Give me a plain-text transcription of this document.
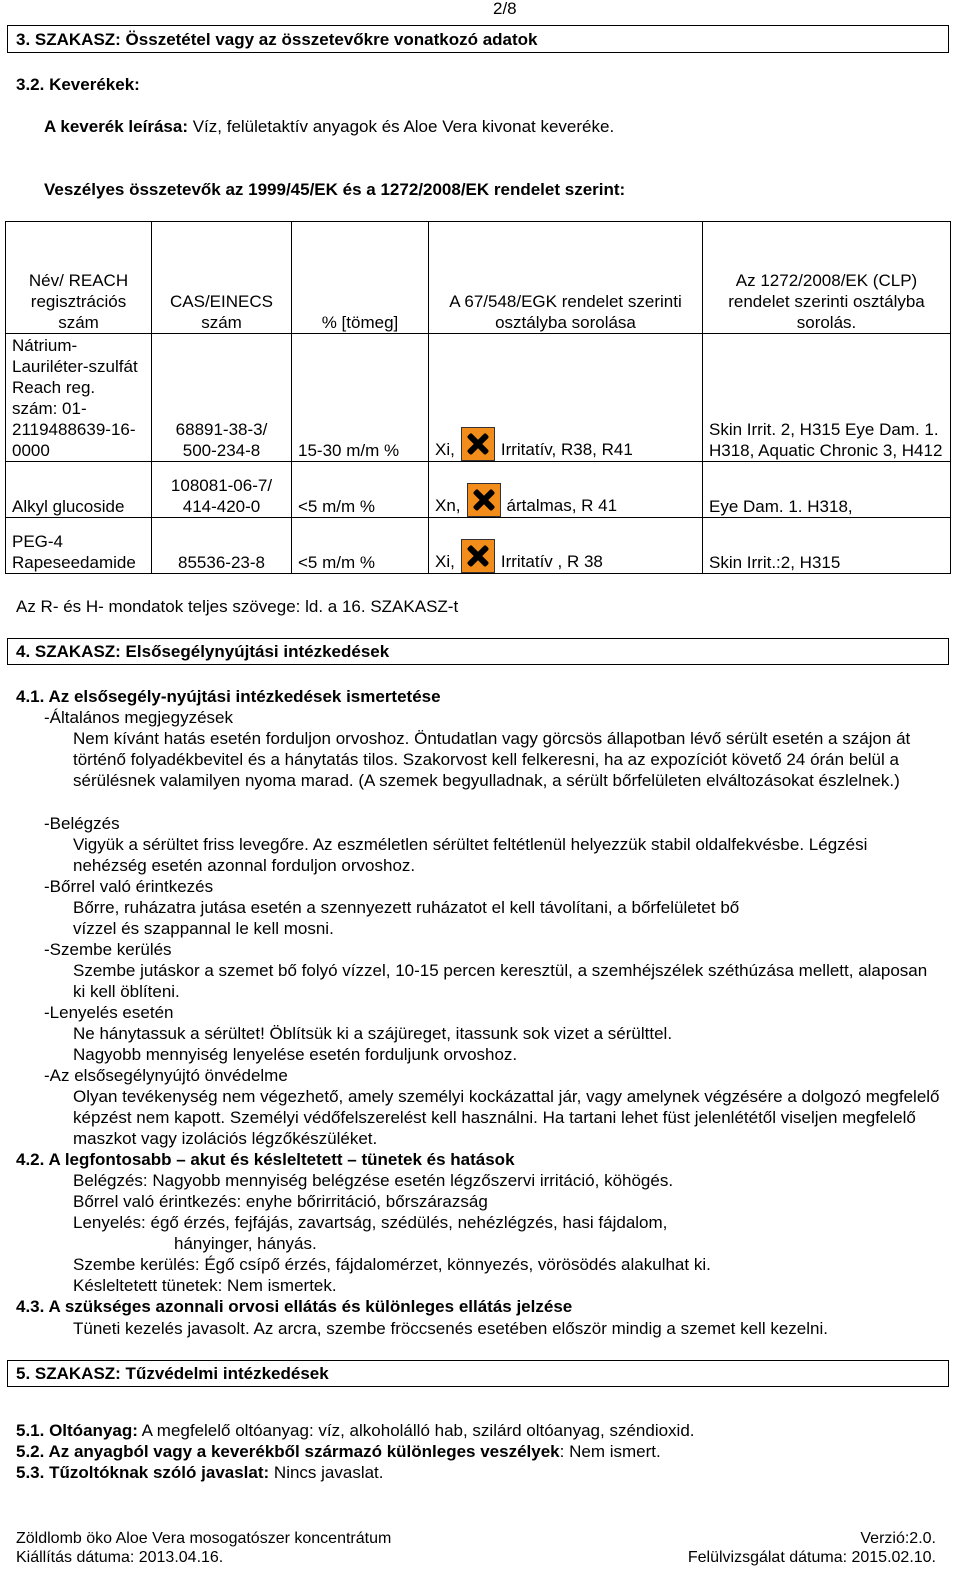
2/8
3. SZAKASZ: Összetétel vagy az összetevőkre vonatkozó adatok
3.2. Keverékek:
A keverék leírása: Víz, felületaktív anyagok és Aloe Vera kivonat keveréke.
Veszélyes összetevők az 1999/45/EK és a 1272/2008/EK rendelet szerint:
Név/ REACH regisztrációs szám	CAS/EINECS szám	% [tömeg]	A 67/548/EGK rendelet szerinti osztályba sorolása	Az 1272/2008/EK (CLP) rendelet szerinti osztályba sorolás.
Nátrium-Lauriléter-szulfát Reach reg. szám: 01-2119488639-16-0000	68891-38-3/ 500-234-8	15-30 m/m %	Xi, Irritatív, R38, R41	Skin Irrit. 2, H315 Eye Dam. 1. H318, Aquatic Chronic 3, H412
Alkyl glucoside	108081-06-7/ 414-420-0	<5 m/m %	Xn, ártalmas, R 41	Eye Dam. 1. H318,
PEG-4 Rapeseedamide	85536-23-8	<5 m/m %	Xi, Irritatív , R 38	Skin Irrit.:2, H315
Az R- és H- mondatok teljes szövege: ld. a 16. SZAKASZ-t
4. SZAKASZ: Elsősegélynyújtási intézkedések
4.1. Az elsősegély-nyújtási intézkedések ismertetése
-Általános megjegyzések
Nem kívánt hatás esetén forduljon orvoshoz. Öntudatlan vagy görcsös állapotban lévő sérült esetén a szájon át történő folyadékbevitel és a hánytatás tilos. Szakorvost kell felkeresni, ha az expozíciót követő 24 órán belül a sérülésnek valamilyen nyoma marad. (A szemek begyulladnak, a sérült bőrfelületen elváltozásokat észlelnek.)
-Belégzés
Vigyük a sérültet friss levegőre. Az eszméletlen sérültet feltétlenül helyezzük stabil oldalfekvésbe. Légzési nehézség esetén azonnal forduljon orvoshoz.
-Bőrrel való érintkezés
Bőrre, ruházatra jutása esetén a szennyezett ruházatot el kell távolítani, a bőrfelületet bő vízzel és szappannal le kell mosni.
-Szembe kerülés
Szembe jutáskor a szemet bő folyó vízzel, 10-15 percen keresztül, a szemhéjszélek széthúzása mellett, alaposan ki kell öblíteni.
-Lenyelés esetén
Ne hánytassuk a sérültet! Öblítsük ki a szájüreget, itassunk sok vizet a sérülttel.
Nagyobb mennyiség lenyelése esetén forduljunk orvoshoz.
-Az elsősegélynyújtó önvédelme
Olyan tevékenység nem végezhető, amely személyi kockázattal jár, vagy amelynek végzésére a dolgozó megfelelő képzést nem kapott. Személyi védőfelszerelést kell használni. Ha tartani lehet füst jelenlététől viseljen megfelelő maszkot vagy izolációs légzőkészüléket.
4.2. A legfontosabb – akut és késleltetett – tünetek és hatások
Belégzés: Nagyobb mennyiség belégzése esetén légzőszervi irritáció, köhögés.
Bőrrel való érintkezés: enyhe bőrirritáció, bőrszárazság
Lenyelés: égő érzés, fejfájás, zavartság, szédülés, nehézlégzés, hasi fájdalom,
hányinger, hányás.
Szembe kerülés: Égő csípő érzés, fájdalomérzet, könnyezés, vörösödés alakulhat ki.
Késleltetett tünetek: Nem ismertek.
4.3. A szükséges azonnali orvosi ellátás és különleges ellátás jelzése
Tüneti kezelés javasolt. Az arcra, szembe fröccsenés esetében először mindig a szemet kell kezelni.
5. SZAKASZ: Tűzvédelmi intézkedések
5.1. Oltóanyag: A megfelelő oltóanyag: víz, alkoholálló hab, szilárd oltóanyag, széndioxid.
5.2. Az anyagból vagy a keverékből származó különleges veszélyek: Nem ismert.
5.3. Tűzoltóknak szóló javaslat: Nincs javaslat.
Zöldlomb öko Aloe Vera mosogatószer koncentrátum
Kiállítás dátuma: 2013.04.16.
Verzió:2.0.
Felülvizsgálat dátuma: 2015.02.10.
